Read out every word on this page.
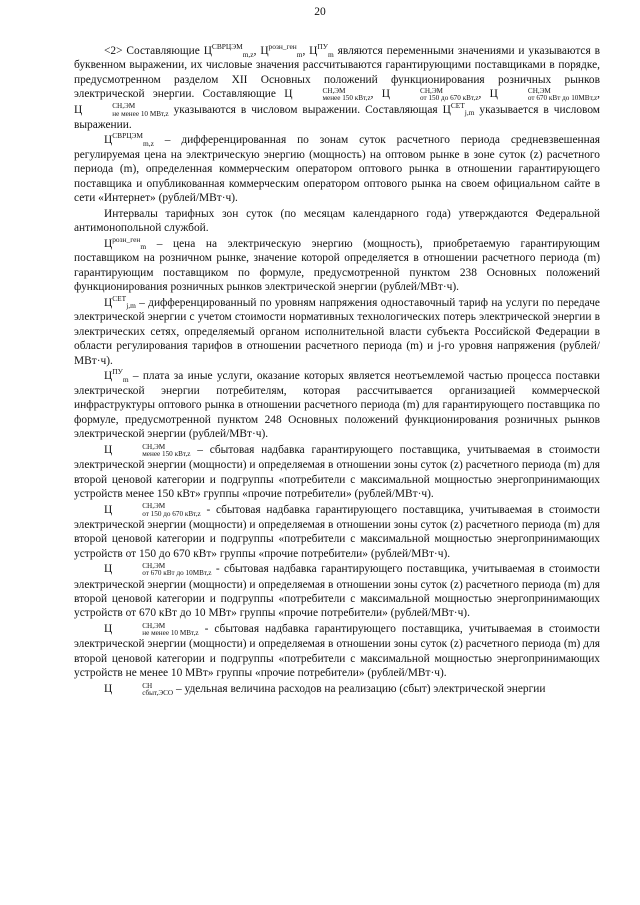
20

<2> Составляющие $Ц^{СВРЦЭМ}_{m,z}$, $Ц^{розн\_ген}_m$, $Ц^{ПУ}_m$ являются переменными значениями и указываются в буквенном выражении, их числовые значения рассчитываются гарантирующими поставщиками в порядке, предусмотренном разделом XII Основных положений функционирования розничных рынков электрической энергии. Составляющие Ц	СН,ЭМ
менее 150 кВт,z , Ц	СН,ЭМ
от 150 до 670 кВт,z , Ц	СН,ЭМ
от 670 кВт до 10МВт,z , Ц	СН,ЭМ
не менее 10 МВт,z указываются в числовом выражении. Составляющая $Ц^{СЕТ}_{j,m}$ указывается в числовом выражении.

$Ц^{СВРЦЭМ}_{m,z}$ – дифференцированная по зонам суток расчетного периода средневзвешенная регулируемая цена на электрическую энергию (мощность) на оптовом рынке в зоне суток (z) расчетного периода (m), определенная коммерческим оператором оптового рынка в отношении гарантирующего поставщика и опубликованная коммерческим оператором оптового рынка на своем официальном сайте в сети «Интернет» (рублей/МВт·ч).

Интервалы тарифных зон суток (по месяцам календарного года) утверждаются Федеральной антимонопольной службой.

$Ц^{розн\_ген}_m$ – цена на электрическую энергию (мощность), приобретаемую гарантирующим поставщиком на розничном рынке, значение которой определяется в отношении расчетного периода (m) гарантирующим поставщиком по формуле, предусмотренной пунктом 238 Основных положений функционирования розничных рынков электрической энергии (рублей/МВт·ч).

$Ц^{СЕТ}_{j,m}$ – дифференцированный по уровням напряжения одноставочный тариф на услуги по передаче электрической энергии с учетом стоимости нормативных технологических потерь электрической энергии в электрических сетях, определяемый органом исполнительной власти субъекта Российской Федерации в области регулирования тарифов в отношении расчетного периода (m) и j-го уровня напряжения (рублей/МВт·ч).

$Ц^{ПУ}_m$ – плата за иные услуги, оказание которых является неотъемлемой частью процесса поставки электрической энергии потребителям, которая рассчитывается организацией коммерческой инфраструктуры оптового рынка в отношении расчетного периода (m) для гарантирующего поставщика по формуле, предусмотренной пунктом 248 Основных положений функционирования розничных рынков электрической энергии (рублей/МВт·ч).

Ц	СН,ЭМ
менее 150 кВт,z – сбытовая надбавка гарантирующего поставщика, учитываемая в стоимости электрической энергии (мощности) и определяемая в отношении зоны суток (z) расчетного периода (m) для второй ценовой категории и подгруппы «потребители с максимальной мощностью энергопринимающих устройств менее 150 кВт» группы «прочие потребители» (рублей/МВт·ч).

Ц	СН,ЭМ
от 150 до 670 кВт,z - сбытовая надбавка гарантирующего поставщика, учитываемая в стоимости электрической энергии (мощности) и определяемая в отношении зоны суток (z) расчетного периода (m) для второй ценовой категории и подгруппы «потребители с максимальной мощностью энергопринимающих устройств от 150 до 670 кВт» группы «прочие потребители» (рублей/МВт·ч).

Ц	СН,ЭМ
от 670 кВт до 10МВт,z - сбытовая надбавка гарантирующего поставщика, учитываемая в стоимости электрической энергии (мощности) и определяемая в отношении зоны суток (z) расчетного периода (m) для второй ценовой категории и подгруппы «потребители с максимальной мощностью энергопринимающих устройств от 670 кВт до 10 МВт» группы «прочие потребители» (рублей/МВт·ч).

Ц	СН,ЭМ
не менее 10 МВт,z - сбытовая надбавка гарантирующего поставщика, учитываемая в стоимости электрической энергии (мощности) и определяемая в отношении зоны суток (z) расчетного периода (m) для второй ценовой категории и подгруппы «потребители с максимальной мощностью энергопринимающих устройств не менее 10 МВт» группы «прочие потребители» (рублей/МВт·ч).

Ц	СН
сбыт,ЭСО – удельная величина расходов на реализацию (сбыт) электрической энергии
